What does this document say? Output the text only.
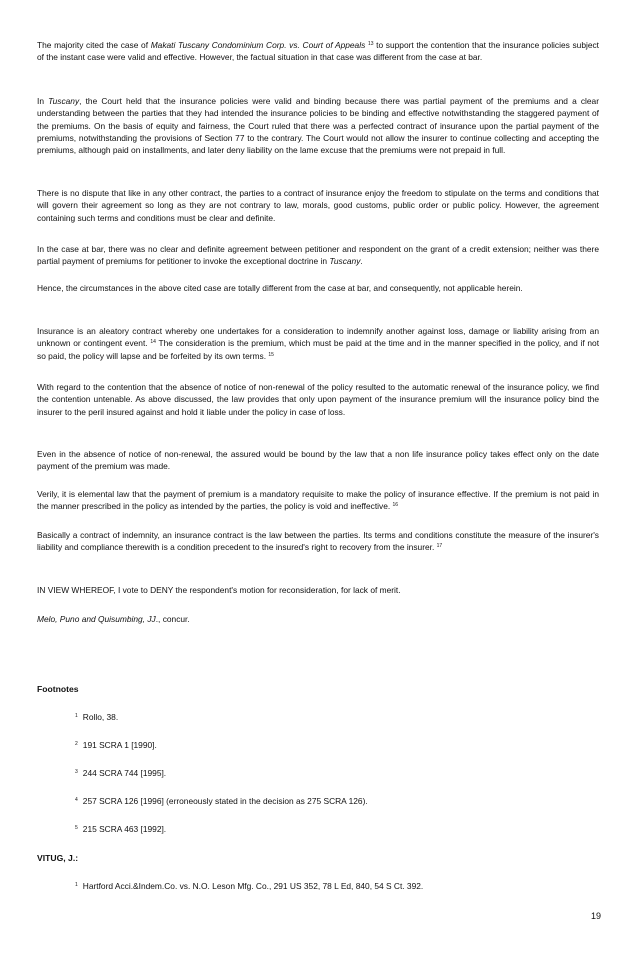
The majority cited the case of Makati Tuscany Condominium Corp. vs. Court of Appeals $^{13}$ to support the contention that the insurance policies subject of the instant case were valid and effective. However, the factual situation in that case was different from the case at bar.

In Tuscany, the Court held that the insurance policies were valid and binding because there was partial payment of the premiums and a clear understanding between the parties that they had intended the insurance policies to be binding and effective notwithstanding the staggered payment of the premiums. On the basis of equity and fairness, the Court ruled that there was a perfected contract of insurance upon the partial payment of the premiums, notwithstanding the provisions of Section 77 to the contrary. The Court would not allow the insurer to continue collecting and accepting the premiums, although paid on installments, and later deny liability on the lame excuse that the premiums were not prepaid in full.

There is no dispute that like in any other contract, the parties to a contract of insurance enjoy the freedom to stipulate on the terms and conditions that will govern their agreement so long as they are not contrary to law, morals, good customs, public order or public policy. However, the agreement containing such terms and conditions must be clear and definite.

In the case at bar, there was no clear and definite agreement between petitioner and respondent on the grant of a credit extension; neither was there partial payment of premiums for petitioner to invoke the exceptional doctrine in Tuscany.

Hence, the circumstances in the above cited case are totally different from the case at bar, and consequently, not applicable herein.

Insurance is an aleatory contract whereby one undertakes for a consideration to indemnify another against loss, damage or liability arising from an unknown or contingent event. $^{14}$ The consideration is the premium, which must be paid at the time and in the manner specified in the policy, and if not so paid, the policy will lapse and be forfeited by its own terms. $^{15}$

With regard to the contention that the absence of notice of non-renewal of the policy resulted to the automatic renewal of the insurance policy, we find the contention untenable. As above discussed, the law provides that only upon payment of the insurance premium will the insurance policy bind the insurer to the peril insured against and hold it liable under the policy in case of loss.

Even in the absence of notice of non-renewal, the assured would be bound by the law that a non life insurance policy takes effect only on the date payment of the premium was made.

Verily, it is elemental law that the payment of premium is a mandatory requisite to make the policy of insurance effective. If the premium is not paid in the manner prescribed in the policy as intended by the parties, the policy is void and ineffective. $^{16}$

Basically a contract of indemnity, an insurance contract is the law between the parties. Its terms and conditions constitute the measure of the insurer's liability and compliance therewith is a condition precedent to the insured's right to recovery from the insurer. $^{17}$

IN VIEW WHEREOF, I vote to DENY the respondent's motion for reconsideration, for lack of merit.

Melo, Puno and Quisumbing, JJ., concur.

Footnotes

$^1$ Rollo, 38.

$^2$ 191 SCRA 1 [1990].

$^3$ 244 SCRA 744 [1995].

$^4$ 257 SCRA 126 [1996] (erroneously stated in the decision as 275 SCRA 126).

$^5$ 215 SCRA 463 [1992].

VITUG, J.:

$^1$ Hartford Acci.&Indem.Co. vs. N.O. Leson Mfg. Co., 291 US 352, 78 L Ed, 840, 54 S Ct. 392.

19
